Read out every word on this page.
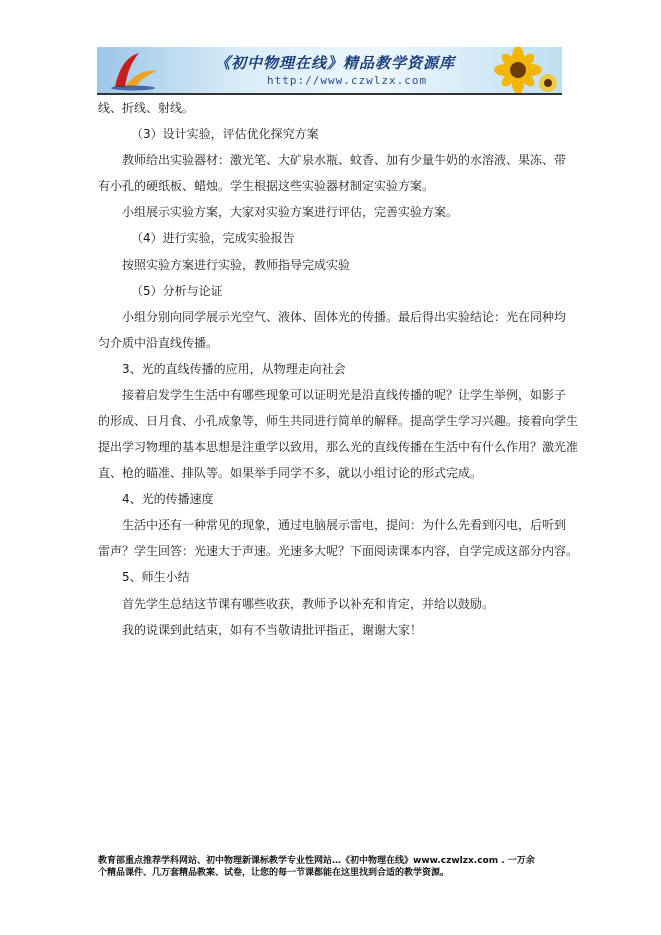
《初中物理在线》精品教学资源库
http://www.czwlzx.com

线、折线、射线。

（3）设计实验，评估优化探究方案

教师给出实验器材：激光笔、大矿泉水瓶、蚊香、加有少量牛奶的水溶液、果冻、带

有小孔的硬纸板、蜡烛。学生根据这些实验器材制定实验方案。

小组展示实验方案，大家对实验方案进行评估，完善实验方案。

（4）进行实验，完成实验报告

按照实验方案进行实验，教师指导完成实验

（5）分析与论证

小组分别向同学展示光空气、液体、固体光的传播。最后得出实验结论：光在同种均

匀介质中沿直线传播。

3、光的直线传播的应用，从物理走向社会

接着启发学生生活中有哪些现象可以证明光是沿直线传播的呢？让学生举例，如影子

的形成、日月食、小孔成象等，师生共同进行简单的解释。提高学生学习兴趣。接着向学生

提出学习物理的基本思想是注重学以致用，那么光的直线传播在生活中有什么作用？激光准

直、枪的瞄准、排队等。如果举手同学不多，就以小组讨论的形式完成。

4、光的传播速度

生活中还有一种常见的现象，通过电脑展示雷电，提问：为什么先看到闪电，后听到

雷声？学生回答：光速大于声速。光速多大呢？下面阅读课本内容，自学完成这部分内容。

5、师生小结

首先学生总结这节课有哪些收获，教师予以补充和肯定，并给以鼓励。

我的说课到此结束，如有不当敬请批评指正，谢谢大家！

教育部重点推荐学科网站、初中物理新课标教学专业性网站…《初中物理在线》www.czwlzx.com . 一万余
个精品课件、几万套精品教案、试卷，让您的每一节课都能在这里找到合适的教学资源。
